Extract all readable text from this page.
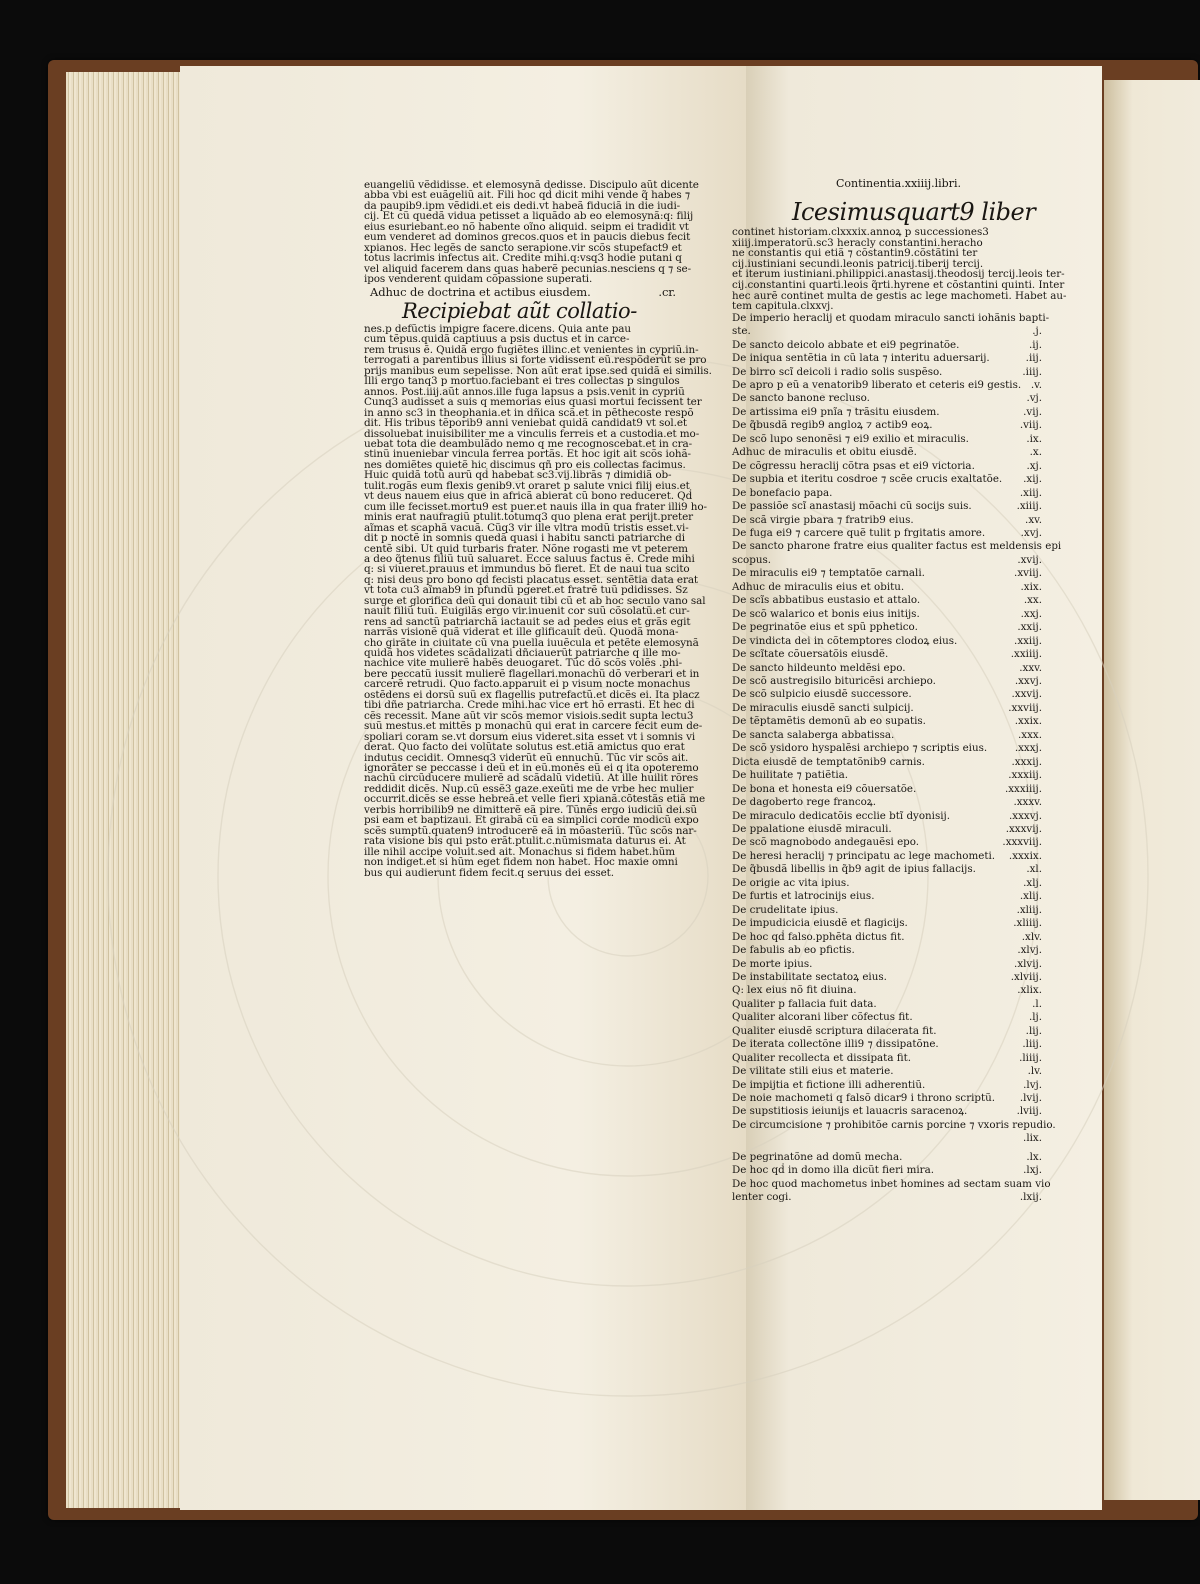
euangeliũ vẽdidisse. et elemosynã dedisse. Discipulo aũt dicente
abba vbi est euãgeliũ ait. Fili hoc qḋ dicit mihi vende q̃ habes ⁊
da paupib9.ipm vẽdidi.et eis dedi.vt habeã fiduciã in die iudi-
cij. Et cũ quedã vidua petisset a liquãdo ab eo elemosynã:q: filij
eius esuriebant.eo nõ habente oĩno aliquid. seipm ei tradidit vt
eum venderet ad dominos grecos.quos et in paucis diebus fecit
xpianos. Hec legẽs de sancto serapione.vir scõs stupefact9 et
totus lacrimis infectus ait. Credite mihi.q:vsq3 hodie putani q
vel aliquid facerem dans quas haberẽ pecunias.nesciens q ⁊ se-
ipos venderent quidam cõpassione superati.
Adhuc de doctrina et actibus eiusdem.	.cr.
Recipiebat aũt collatio-
nes.p defũctis impigre facere.dicens. Quia ante pau
cum tẽpus.quidã captiuus a psis ductus et in carce-
rem trusus ẽ. Quidã ergo fugiẽtes illinc.et venientes in cypriũ.in-
terrogati a parentibus illius si forte vidissent eũ.respõderũt se pro
prijs manibus eum sepelisse. Non aũt erat ipse.sed quidã ei similis.
Illi ergo tanq3 p mortuo.faciebant ei tres collectas p singulos
annos. Post.iiij.aũt annos.ille fuga lapsus a psis.venit in cypriũ
Cunq3 audisset a suis q memorias eius quasi mortui fecissent ter
in anno sc3 in theophania.et in dñica scã.et in pẽthecoste respõ
dit. His tribus tẽporib9 anni veniebat quidã candidat9 vt sol.et
dissoluebat inuisibiliter me a vinculis ferreis et a custodia.et mo-
uebat tota die deambulãdo nemo q me recognoscebat.et in cra-
stinũ inueniebar vincula ferrea portãs. Et hoc igit ait scõs iohã-
nes domiẽtes quietẽ hic discimus qñ pro eis collectas facimus.
Huic quidã totũ aurũ qḋ habebat sc3.vij.librãs ⁊ dimidiã ob-
tulit.rogãs eum flexis genib9.vt oraret p salute vnici filij eius.et
vt deus nauem eius que in africã abierat cũ bono reduceret. Qḋ
cum ille fecisset.mortu9 est puer.et nauis illa in qua frater illi9 ho-
minis erat naufragiũ ptulit.totumq3 quo plena erat perijt.preter
aĩmas et scaphã vacuã. Cũq3 vir ille vltra modũ tristis esset.vi-
dit p noctẽ in somnis quedã quasi i habitu sancti patriarche di
centẽ sibi. Ut quid turbaris frater. Nõne rogasti me vt peterem
a deo q̃tenus filiũ tuũ saluaret. Ecce saluus factus ẽ. Crede mihi
q: si viueret.prauus et immundus bõ fieret. Et de naui tua scito
q: nisi deus pro bono qḋ fecisti placatus esset. sentẽtia data erat
vt tota cu3 aĩmab9 in pfundũ pgeret.et fratrẽ tuũ pdidisses. Sz
surge et glorifica deũ qui donauit tibi cũ et ab hoc seculo vano sal
nauit filiũ tuũ. Euigilãs ergo vir.inuenit cor suũ cõsolatũ.et cur-
rens ad sanctũ patriarchã iactauit se ad pedes eius et grãs egit
narrãs visionẽ quã viderat et ille glificauit deũ. Quodã mona-
cho girãte in ciuitate cũ vna puella iuuẽcula et petẽte elemosynã
quidã hos videtes scãdalizati dñciauerũt patriarche q ille mo-
nachice vite mulierẽ habẽs deuogaret. Tũc dõ scõs volẽs .phi-
bere peccatũ iussit mulierẽ flagellari.monachũ dõ verberari et in
carcerẽ retrudi. Quo facto.apparuit ei p visum nocte monachus
ostẽdens ei dorsũ suũ ex flagellis putrefactũ.et dicẽs ei. Ita placz
tibi dñe patriarcha. Crede mihi.hac vice ert hõ errasti. Et hec di
cẽs recessit. Mane aũt vir scõs memor visiois.sedit supta lectu3
suũ mestus.et mittẽs p monachũ qui erat in carcere fecit eum de-
spoliari coram se.vt dorsum eius videret.sita esset vt i somnis vi
derat. Quo facto dei volũtate solutus est.etiã amictus quo erat
indutus cecidit. Omnesq3 viderũt eũ ennuchũ. Tũc vir scõs ait.
ignorãter se peccasse i deũ et in eũ.monẽs eũ ei q ita opoteremo
nachũ circũducere mulierẽ ad scãdalũ videtiũ. At ille huilit rõres
reddidit dicẽs. Nup.cũ essẽ3 gaze.exeũti me de vrbe hec mulier
occurrit.dicẽs se esse hebreã.et velle fieri xpianã.cõtestãs etiã me
verbis horribilib9 ne dimitterẽ eã pire. Tũnẽs ergo iudiciũ dei.sũ
psi eam et baptizaui. Et girabã cũ ea simplici corde modicũ expo
scẽs sumptũ.quaten9 introducerẽ eã in mõasteriũ. Tũc scõs nar-
rata visione bis qui psto erãt.ptulit.c.nũmismata daturus ei. At
ille nihil accipe voluit.sed ait. Monachus si fidem habet.hũm
non indiget.et si hũm eget fidem non habet. Hoc maxie omni
bus qui audierunt fidem fecit.q seruus dei esset.
Continentia.xxiiij.libri.
Icesimusquart9 liber
continet historiam.clxxxix.annoꝝ p successiones3
xiiij.imperatorũ.sc3 heracly constantini.heracho
ne constantis qui etiã ⁊ cõstantin9.cõstãtini ter
cij.iustiniani secundi.leonis patricij.tiberij tercij.
et iterum iustiniani.philippici.anastasij.theodosij tercij.leois ter-
cij.constantini quarti.leois q̃rti.hyrene et cõstantini quinti. Inter
hec aurẽ continet multa de gestis ac lege machometi. Habet au-
tem capitula.clxxvj.
De imperio heraclij et quodam miraculo sancti iohãnis bapti-
ste.	.j.
De sancto deicolo abbate et ei9 pegrinatõe.	.ij.
De iniqua sentẽtia in cũ lata ⁊ interitu aduersarij.	.iij.
De birro scĩ deicoli i radio solis suspẽso.	.iiij.
De apro p eũ a venatorib9 liberato et ceteris ei9 gestis. .v.
De sancto banone recluso.	.vj.
De artissima ei9 pnĩa ⁊ trãsitu eiusdem.	.vij.
De q̃busdã regib9 angloꝝ ⁊ actib9 eoꝝ.	.viij.
De scõ lupo senonẽsi ⁊ ei9 exilio et miraculis.	.ix.
Adhuc de miraculis et obitu eiusdẽ.	.x.
De cõgressu heraclij cõtra psas et ei9 victoria.	.xj.
De supbia et iteritu cosdroe ⁊ scẽe crucis exaltatõe.	.xij.
De bonefacio papa.	.xiij.
De passiõe scĩ anastasij mõachi cũ socijs suis.	.xiiij.
De scã virgie pbara ⁊ fratrib9 eius.	.xv.
De fuga ei9 ⁊ carcere quẽ tulit p frgitatis amore.	.xvj.
De sancto pharone fratre eius qualiter factus est meldensis epi
scopus.	.xvij.
De miraculis ei9 ⁊ temptatõe carnali.	.xviij.
Adhuc de miraculis eius et obitu.	.xix.
De scĩs abbatibus eustasio et attalo.	.xx.
De scõ walarico et bonis eius initijs.	.xxj.
De pegrinatõe eius et spũ pphetico.	.xxij.
De vindicta dei in cõtemptores clodoꝝ eius.	.xxiij.
De scĩtate cõuersatõis eiusdẽ.	.xxiiij.
De sancto hildeunto meldẽsi epo.	.xxv.
De scõ austregisilo bituricẽsi archiepo.	.xxvj.
De scõ sulpicio eiusdẽ successore.	.xxvij.
De miraculis eiusdẽ sancti sulpicij.	.xxviij.
De tẽptamẽtis demonũ ab eo supatis.	.xxix.
De sancta salaberga abbatissa.	.xxx.
De scõ ysidoro hyspalẽsi archiepo ⁊ scriptis eius.	.xxxj.
Dicta eiusdẽ de temptatõnib9 carnis.	.xxxij.
De huilitate ⁊ patiẽtia.	.xxxiij.
De bona et honesta ei9 cõuersatõe.	.xxxiiij.
De dagoberto rege francoꝝ.	.xxxv.
De miraculo dedicatõis ecclie btĩ dyonisij.	.xxxvj.
De ppalatione eiusdẽ miraculi.	.xxxvij.
De scõ magnobodo andegauẽsi epo.	.xxxviij.
De heresi heraclij ⁊ principatu ac lege machometi.	.xxxix.
De q̃busdã libellis in q̃b9 agit de ipius fallacijs.	.xl.
De origie ac vita ipius.	.xlj.
De furtis et latrocinijs eius.	.xlij.
De crudelitate ipius.	.xliij.
De impudicicia eiusdẽ et flagicijs.	.xliiij.
De hoc qḋ falso.pphẽta dictus fit.	.xlv.
De fabulis ab eo pfictis.	.xlvj.
De morte ipius.	.xlvij.
De instabilitate sectatoꝝ eius.	.xlviij.
Q: lex eius nõ fit diuina.	.xlix.
Qualiter p fallacia fuit data.	.l.
Qualiter alcorani liber cõfectus fit.	.lj.
Qualiter eiusdẽ scriptura dilacerata fit.	.lij.
De iterata collectõne illi9 ⁊ dissipatõne.	.liij.
Qualiter recollecta et dissipata fit.	.liiij.
De vilitate stili eius et materie.	.lv.
De impijtia et fictione illi adherentiũ.	.lvj.
De noie machometi q falsõ dicar9 i throno scriptũ.	.lvij.
De supstitiosis ieiunijs et lauacris saracenoꝝ.	.lviij.
De circumcisione ⁊ prohibitõe carnis porcine ⁊ vxoris repudio.
.lix.
De pegrinatõne ad domũ mecha.	.lx.
De hoc qḋ in domo illa dicũt fieri mira.	.lxj.
De hoc quod machometus inbet homines ad sectam suam vio
lenter cogi.	.lxij.
